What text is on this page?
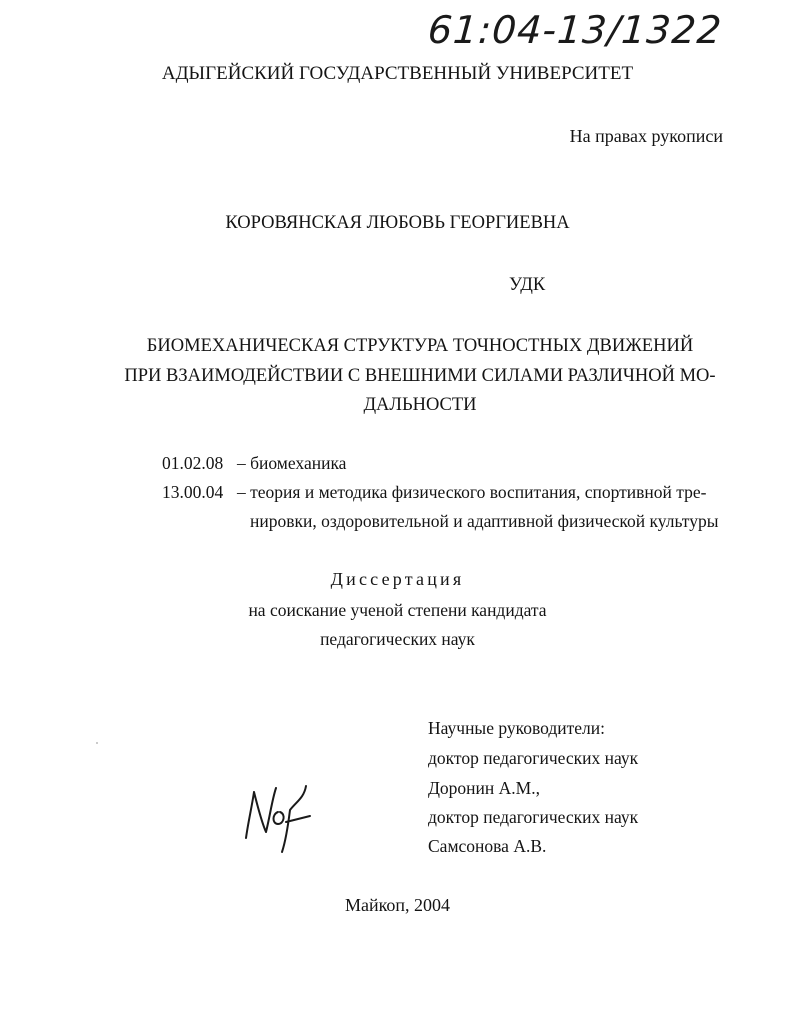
61:04-13/1322
АДЫГЕЙСКИЙ ГОСУДАРСТВЕННЫЙ УНИВЕРСИТЕТ
На правах рукописи
КОРОВЯНСКАЯ ЛЮБОВЬ ГЕОРГИЕВНА
УДК
БИОМЕХАНИЧЕСКАЯ СТРУКТУРА ТОЧНОСТНЫХ ДВИЖЕНИЙ
ПРИ ВЗАИМОДЕЙСТВИИ С ВНЕШНИМИ СИЛАМИ РАЗЛИЧНОЙ МО-
ДАЛЬНОСТИ
01.02.08 – биомеханика
13.00.04 – теория и методика физического воспитания, спортивной тре-
нировки, оздоровительной и адаптивной физической культуры
Диссертация
на соискание ученой степени кандидата
педагогических наук
Научные руководители:
доктор педагогических наук
Доронин А.М.,
доктор педагогических наук
Самсонова А.В.
Майкоп, 2004
